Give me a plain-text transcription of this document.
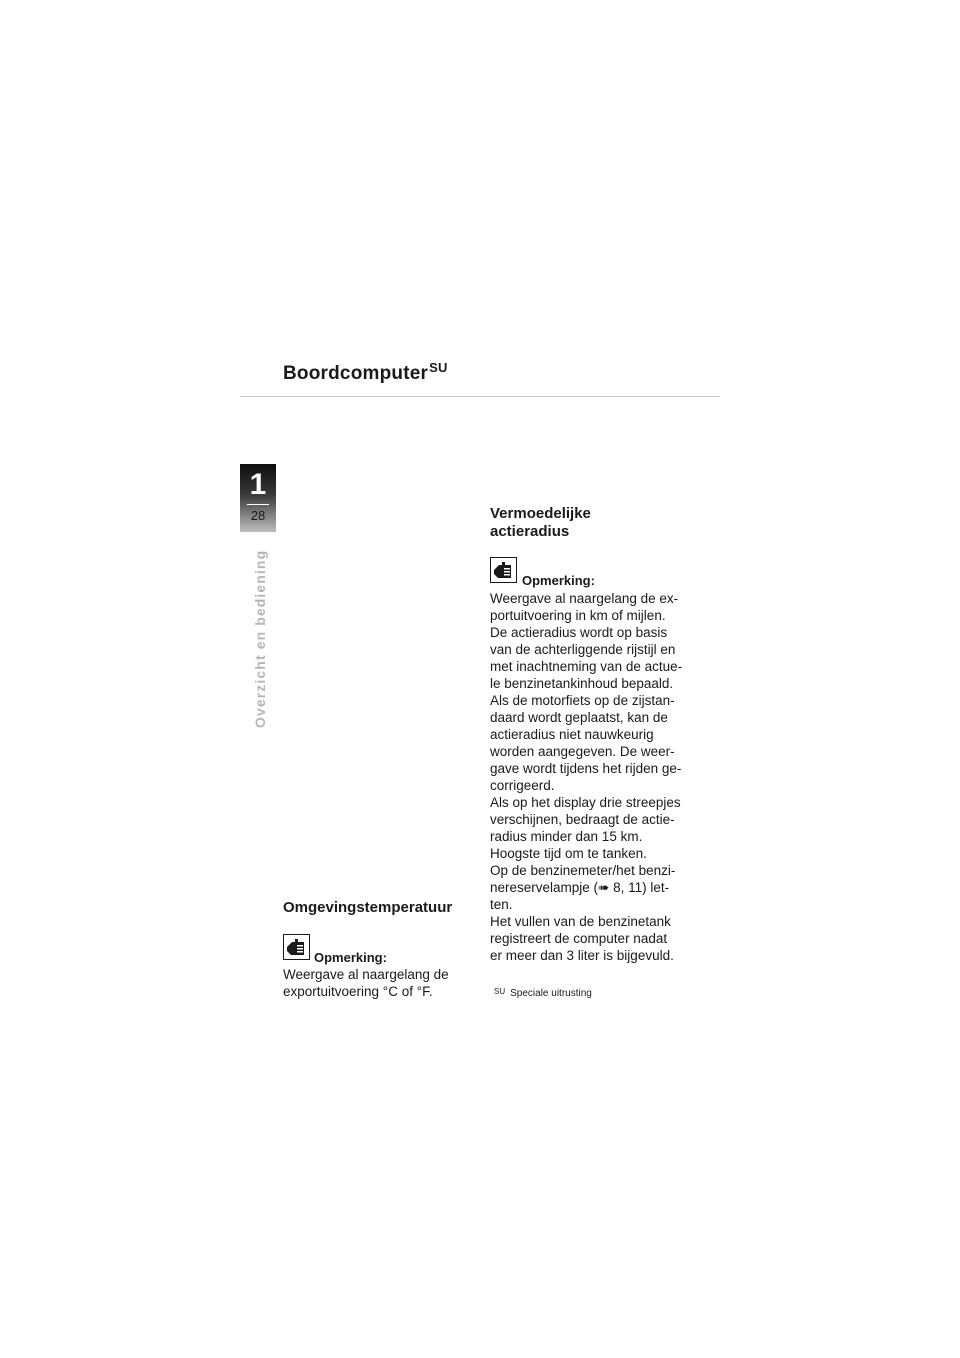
Boordcomputer$^{SU}$
1
28
Overzicht en bediening
Omgevingstemperatuur
Opmerking:
Weergave al naargelang de
exportuitvoering °C of °F.
Vermoedelijke
actieradius
Opmerking:
Weergave al naargelang de ex-
portuitvoering in km of mijlen.
De actieradius wordt op basis
van de achterliggende rijstijl en
met inachtneming van de actue-
le benzinetankinhoud bepaald.
Als de motorfiets op de zijstan-
daard wordt geplaatst, kan de
actieradius niet nauwkeurig
worden aangegeven. De weer-
gave wordt tijdens het rijden ge-
corrigeerd.
Als op het display drie streepjes
verschijnen, bedraagt de actie-
radius minder dan 15 km.
Hoogste tijd om te tanken.
Op de benzinemeter/het benzi-
nereservelampje (➠ 8, 11) let-
ten.
Het vullen van de benzinetank
registreert de computer nadat
er meer dan 3 liter is bijgevuld.
$^{SU}$ Speciale uitrusting
